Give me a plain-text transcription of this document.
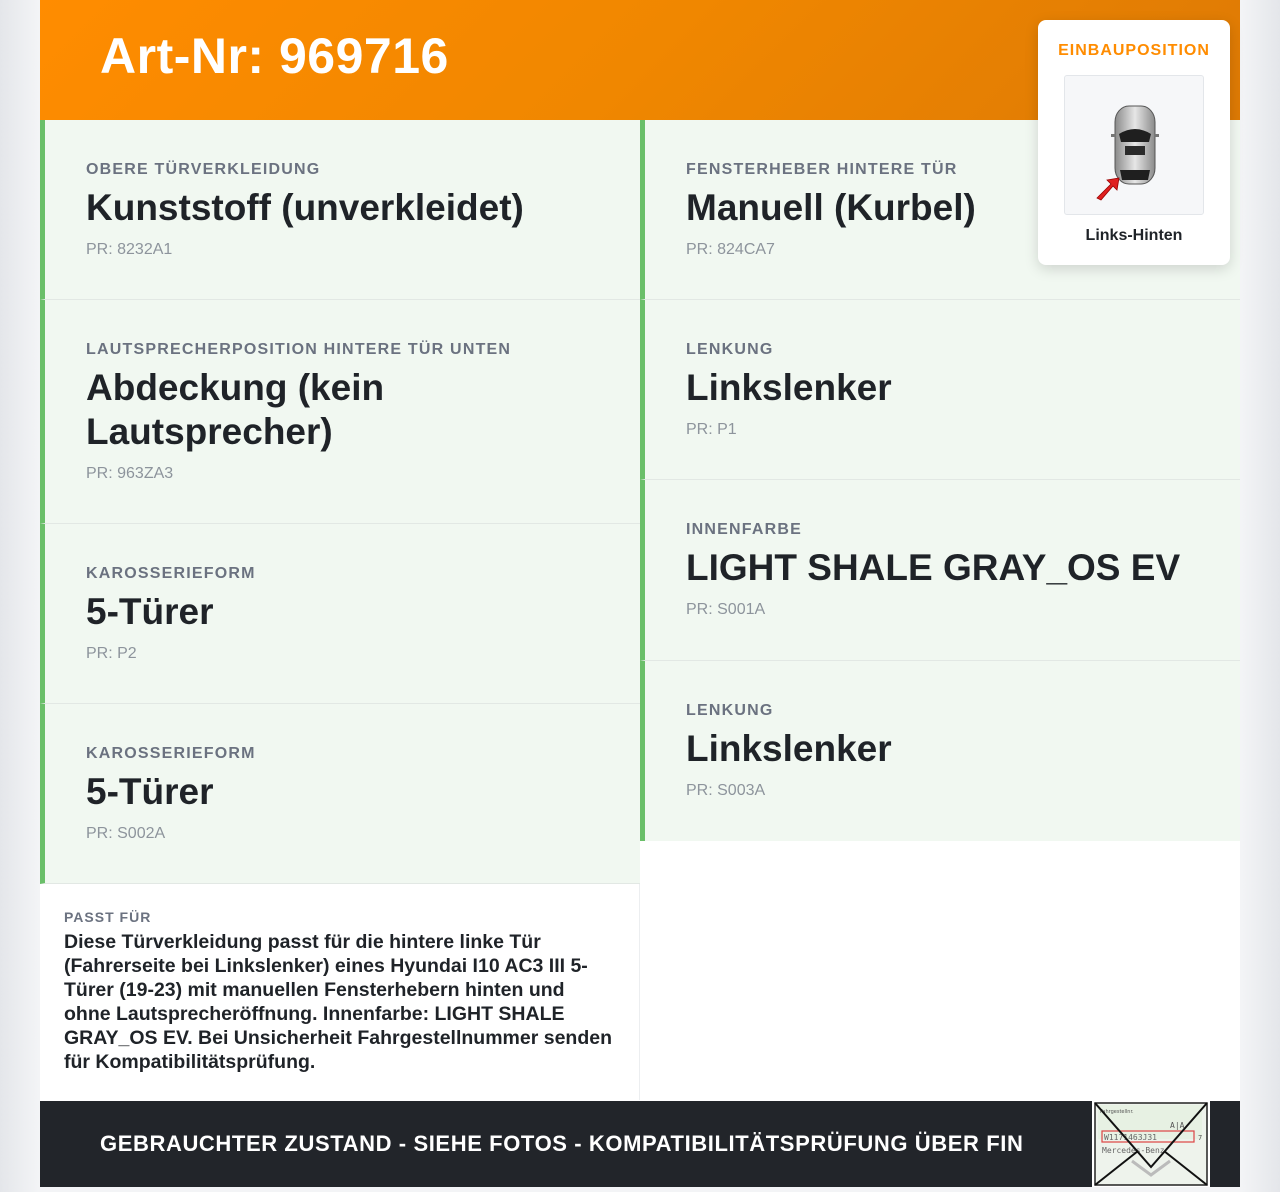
Art-Nr: 969716
OBERE TÜRVERKLEIDUNG
Kunststoff (unverkleidet)
PR: 8232A1
LAUTSPRECHERPOSITION HINTERE TÜR UNTEN
Abdeckung (kein Lautsprecher)
PR: 963ZA3
KAROSSERIEFORM
5-Türer
PR: P2
KAROSSERIEFORM
5-Türer
PR: S002A
FENSTERHEBER HINTERE TÜR
Manuell (Kurbel)
PR: 824CA7
LENKUNG
Linkslenker
PR: P1
INNENFARBE
LIGHT SHALE GRAY_OS EV
PR: S001A
LENKUNG
Linkslenker
PR: S003A
PASST FÜR
Diese Türverkleidung passt für die hintere linke Tür (Fahrerseite bei Linkslenker) eines Hyundai I10 AC3 III 5-Türer (19-23) mit manuellen Fensterhebern hinten und ohne Lautsprecheröffnung. Innenfarbe: LIGHT SHALE GRAY_OS EV. Bei Unsicherheit Fahrgestellnummer senden für Kompatibilitätsprüfung.
GEBRAUCHTER ZUSTAND - SIEHE FOTOS - KOMPATIBILITÄTSPRÜFUNG ÜBER FIN
Fahrgestellnr.
A|A
W1171463J31	7
Mercedes-Benz
EINBAUPOSITION
Links-Hinten
